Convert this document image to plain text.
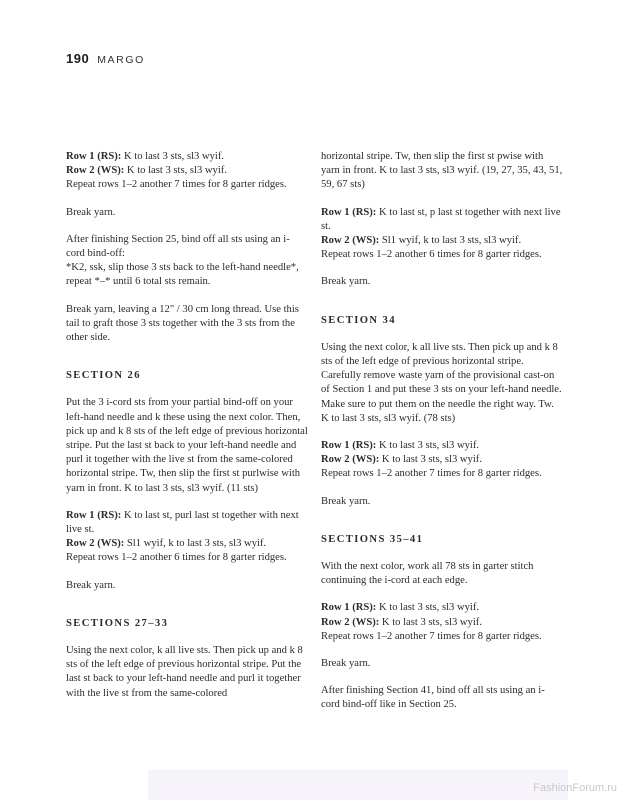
190 MARGO

Row 1 (RS): K to last 3 sts, sl3 wyif.

Row 2 (WS): K to last 3 sts, sl3 wyif.

Repeat rows 1–2 another 7 times for 8 garter ridges.

Break yarn.

After finishing Section 25, bind off all sts using an i-cord bind-off:

*K2, ssk, slip those 3 sts back to the left-hand needle*, repeat *–* until 6 total sts remain.

Break yarn, leaving a 12" / 30 cm long thread. Use this tail to graft those 3 sts together with the 3 sts from the other side.

SECTION 26

Put the 3 i-cord sts from your partial bind-off on your left-hand needle and k these using the next color. Then, pick up and k 8 sts of the left edge of previous horizontal stripe. Put the last st back to your left-hand needle and purl it together with the live st from the same-colored horizontal stripe. Tw, then slip the first st purlwise with yarn in front. K to last 3 sts, sl3 wyif. (11 sts)

Row 1 (RS): K to last st, purl last st together with next live st.

Row 2 (WS): Sl1 wyif, k to last 3 sts, sl3 wyif.

Repeat rows 1–2 another 6 times for 8 garter ridges.

Break yarn.

SECTIONS 27–33

Using the next color, k all live sts. Then pick up and k 8 sts of the left edge of previous horizontal stripe. Put the last st back to your left-hand needle and purl it together with the live st from the same-colored

horizontal stripe. Tw, then slip the first st pwise with yarn in front. K to last 3 sts, sl3 wyif. (19, 27, 35, 43, 51, 59, 67 sts)

Row 1 (RS): K to last st, p last st together with next live st.

Row 2 (WS): Sl1 wyif, k to last 3 sts, sl3 wyif.

Repeat rows 1–2 another 6 times for 8 garter ridges.

Break yarn.

SECTION 34

Using the next color, k all live sts. Then pick up and k 8 sts of the left edge of previous horizontal stripe. Carefully remove waste yarn of the provisional cast-on of Section 1 and put these 3 sts on your left-hand needle. Make sure to put them on the needle the right way. Tw. K to last 3 sts, sl3 wyif. (78 sts)

Row 1 (RS): K to last 3 sts, sl3 wyif.

Row 2 (WS): K to last 3 sts, sl3 wyif.

Repeat rows 1–2 another 7 times for 8 garter ridges.

Break yarn.

SECTIONS 35–41

With the next color, work all 78 sts in garter stitch continuing the i-cord at each edge.

Row 1 (RS): K to last 3 sts, sl3 wyif.

Row 2 (WS): K to last 3 sts, sl3 wyif.

Repeat rows 1–2 another 7 times for 8 garter ridges.

Break yarn.

After finishing Section 41, bind off all sts using an i-cord bind-off like in Section 25.

FashionForum.ru
